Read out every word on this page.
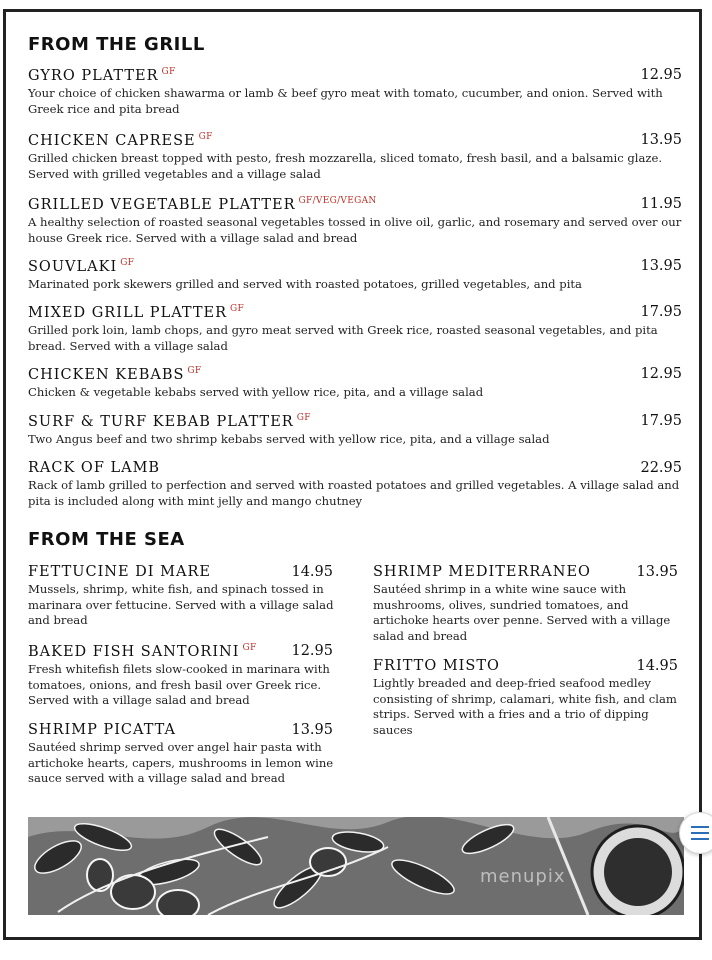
FROM THE GRILL
GYRO PLATTER $^{GF}$	12.95
Your choice of chicken shawarma or lamb & beef gyro meat with tomato, cucumber, and onion. Served with Greek rice and pita bread
CHICKEN CAPRESE $^{GF}$	13.95
Grilled chicken breast topped with pesto, fresh mozzarella, sliced tomato, fresh basil, and a balsamic glaze. Served with grilled vegetables and a village salad
GRILLED VEGETABLE PLATTER $^{GF/VEG/VEGAN}$	11.95
A healthy selection of roasted seasonal vegetables tossed in olive oil, garlic, and rosemary and served over our house Greek rice. Served with a village salad and bread
SOUVLAKI $^{GF}$	13.95
Marinated pork skewers grilled and served with roasted potatoes, grilled vegetables, and pita
MIXED GRILL PLATTER $^{GF}$	17.95
Grilled pork loin, lamb chops, and gyro meat served with Greek rice, roasted seasonal vegetables, and pita bread. Served with a village salad
CHICKEN KEBABS $^{GF}$	12.95
Chicken & vegetable kebabs served with yellow rice, pita, and a village salad
SURF & TURF KEBAB PLATTER $^{GF}$	17.95
Two Angus beef and two shrimp kebabs served with yellow rice, pita, and a village salad
RACK OF LAMB	22.95
Rack of lamb grilled to perfection and served with roasted potatoes and grilled vegetables. A village salad and pita is included along with mint jelly and mango chutney
FROM THE SEA
FETTUCINE DI MARE	14.95
Mussels, shrimp, white fish, and spinach tossed in marinara over fettucine. Served with a village salad and bread
BAKED FISH SANTORINI $^{GF}$	12.95
Fresh whitefish filets slow-cooked in marinara with tomatoes, onions, and fresh basil over Greek rice. Served with a village salad and bread
SHRIMP PICATTA	13.95
Sautéed shrimp served over angel hair pasta with artichoke hearts, capers, mushrooms in lemon wine sauce served with a village salad and bread
SHRIMP MEDITERRANEO	13.95
Sautéed shrimp in a white wine sauce with mushrooms, olives, sundried tomatoes, and artichoke hearts over penne. Served with a village salad and bread
FRITTO MISTO	14.95
Lightly breaded and deep-fried seafood medley consisting of shrimp, calamari, white fish, and clam strips. Served with a fries and a trio of dipping sauces
menupix
